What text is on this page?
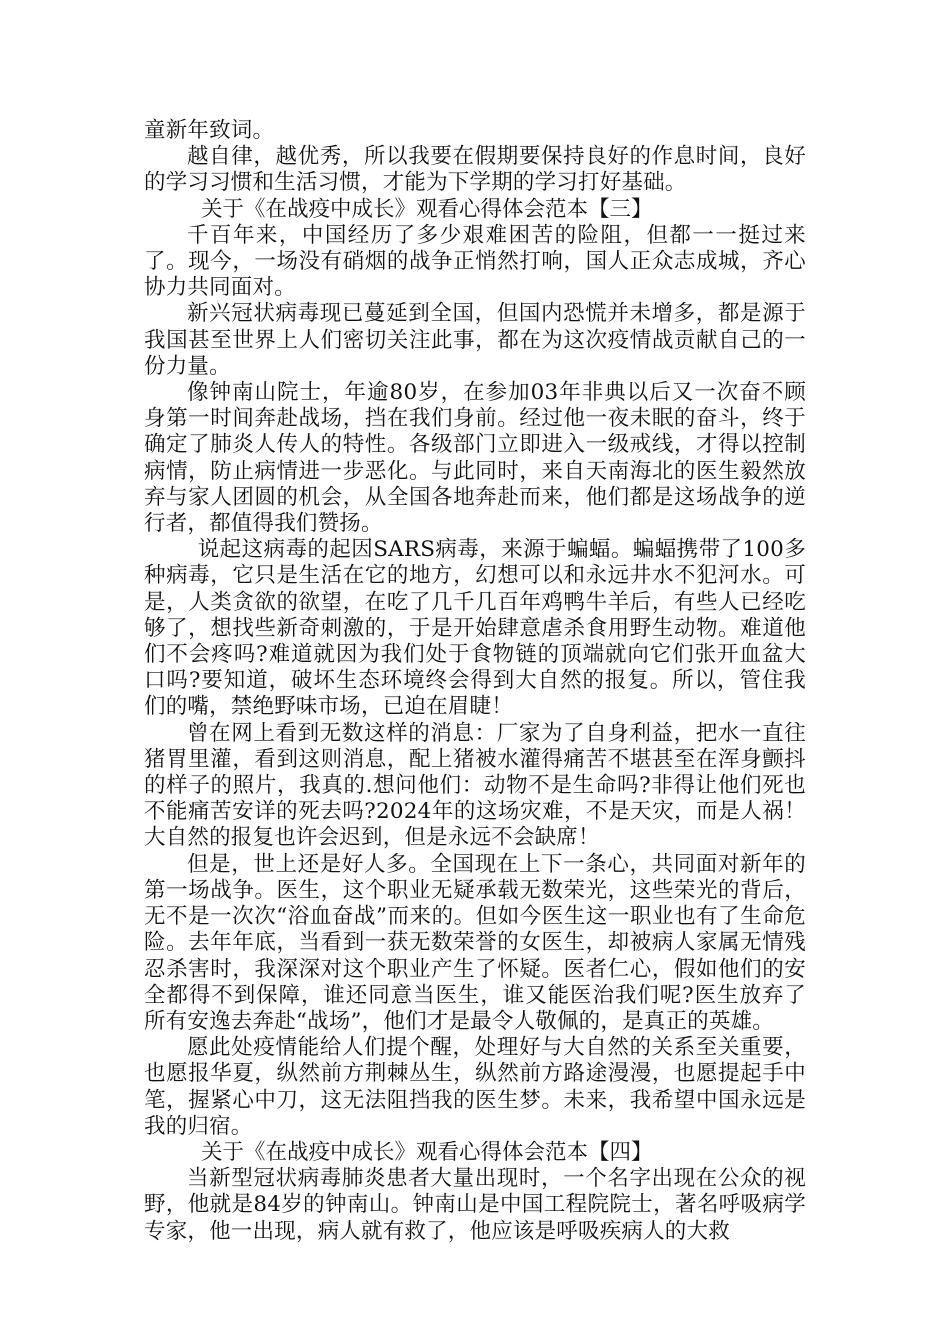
童新年致词。

越自律，越优秀，所以我要在假期要保持良好的作息时间，良好的学习习惯和生活习惯，才能为下学期的学习打好基础。

关于《在战疫中成长》观看心得体会范本【三】

千百年来，中国经历了多少艰难困苦的险阻，但都一一挺过来了。现今，一场没有硝烟的战争正悄然打响，国人正众志成城，齐心协力共同面对。

新兴冠状病毒现已蔓延到全国，但国内恐慌并未增多，都是源于我国甚至世界上人们密切关注此事，都在为这次疫情战贡献自己的一份力量。

像钟南山院士，年逾80岁，在参加03年非典以后又一次奋不顾身第一时间奔赴战场，挡在我们身前。经过他一夜未眠的奋斗，终于确定了肺炎人传人的特性。各级部门立即进入一级戒线，才得以控制病情，防止病情进一步恶化。与此同时，来自天南海北的医生毅然放弃与家人团圆的机会，从全国各地奔赴而来，他们都是这场战争的逆行者，都值得我们赞扬。

说起这病毒的起因SARS病毒，来源于蝙蝠。蝙蝠携带了100多种病毒，它只是生活在它的地方，幻想可以和永远井水不犯河水。可是，人类贪欲的欲望，在吃了几千几百年鸡鸭牛羊后，有些人已经吃够了，想找些新奇刺激的，于是开始肆意虐杀食用野生动物。难道他们不会疼吗?难道就因为我们处于食物链的顶端就向它们张开血盆大口吗?要知道，破坏生态环境终会得到大自然的报复。所以，管住我们的嘴，禁绝野味市场，已迫在眉睫！

曾在网上看到无数这样的消息：厂家为了自身利益，把水一直往猪胃里灌，看到这则消息，配上猪被水灌得痛苦不堪甚至在浑身颤抖的样子的照片，我真的.想问他们：动物不是生命吗?非得让他们死也不能痛苦安详的死去吗?2024年的这场灾难，不是天灾，而是人祸！大自然的报复也许会迟到，但是永远不会缺席！

但是，世上还是好人多。全国现在上下一条心，共同面对新年的第一场战争。医生，这个职业无疑承载无数荣光，这些荣光的背后，无不是一次次“浴血奋战”而来的。但如今医生这一职业也有了生命危险。去年年底，当看到一获无数荣誉的女医生，却被病人家属无情残忍杀害时，我深深对这个职业产生了怀疑。医者仁心，假如他们的安全都得不到保障，谁还同意当医生，谁又能医治我们呢?医生放弃了所有安逸去奔赴“战场”，他们才是最令人敬佩的，是真正的英雄。

愿此处疫情能给人们提个醒，处理好与大自然的关系至关重要，也愿报华夏，纵然前方荆棘丛生，纵然前方路途漫漫，也愿提起手中笔，握紧心中刀，这无法阻挡我的医生梦。未来，我希望中国永远是我的归宿。

关于《在战疫中成长》观看心得体会范本【四】

当新型冠状病毒肺炎患者大量出现时，一个名字出现在公众的视野，他就是84岁的钟南山。钟南山是中国工程院院士，著名呼吸病学专家，他一出现，病人就有救了，他应该是呼吸疾病人的大救
